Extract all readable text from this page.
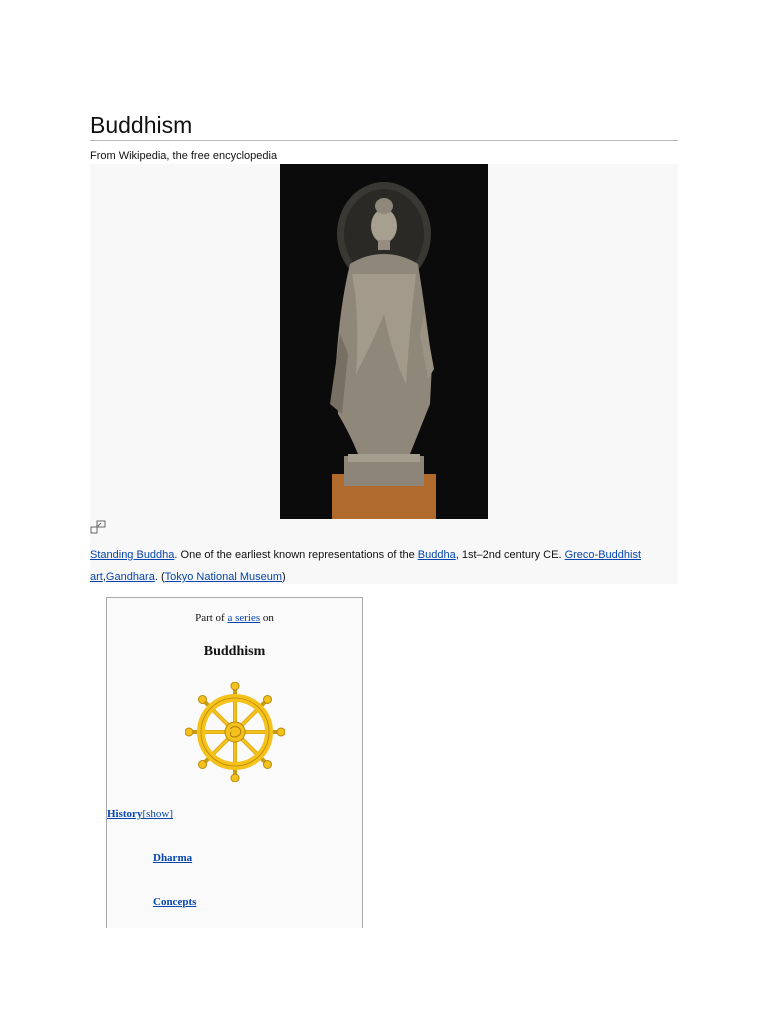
Buddhism
From Wikipedia, the free encyclopedia
Standing Buddha. One of the earliest known representations of the Buddha, 1st–2nd century CE. Greco-Buddhist art,Gandhara. (Tokyo National Museum)
Part of a series on
Buddhism
History[show]
Dharma
Concepts
